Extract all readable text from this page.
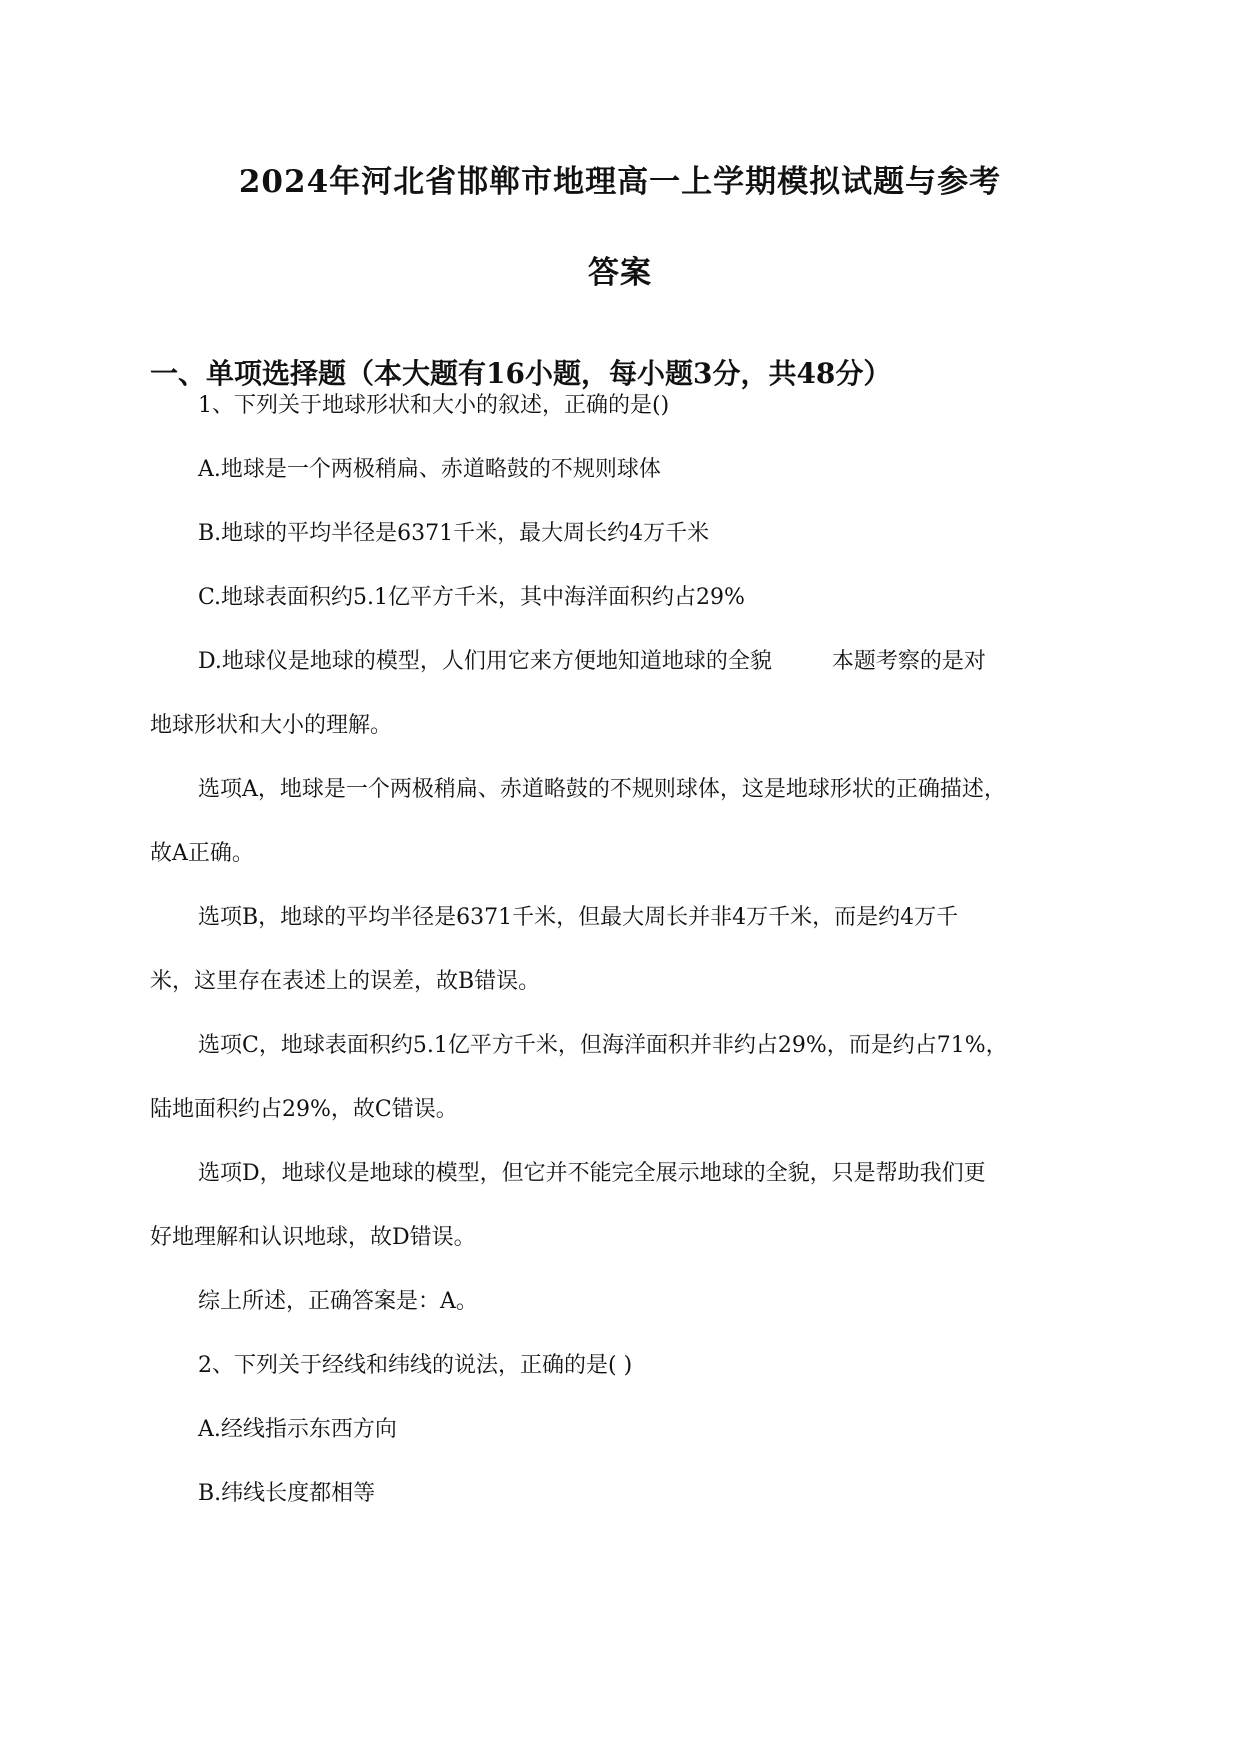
2024年河北省邯郸市地理高一上学期模拟试题与参考
答案
一、单项选择题（本大题有16小题，每小题3分，共48分）
1、下列关于地球形状和大小的叙述，正确的是()
A.地球是一个两极稍扁、赤道略鼓的不规则球体
B.地球的平均半径是6371千米，最大周长约4万千米
C.地球表面积约5.1亿平方千米，其中海洋面积约占29%
D.地球仪是地球的模型，人们用它来方便地知道地球的全貌	本题考察的是对
地球形状和大小的理解。
选项A，地球是一个两极稍扁、赤道略鼓的不规则球体，这是地球形状的正确描述，
故A正确。
选项B，地球的平均半径是6371千米，但最大周长并非4万千米，而是约4万千
米，这里存在表述上的误差，故B错误。
选项C，地球表面积约5.1亿平方千米，但海洋面积并非约占29%，而是约占71%，
陆地面积约占29%，故C错误。
选项D，地球仪是地球的模型，但它并不能完全展示地球的全貌，只是帮助我们更
好地理解和认识地球，故D错误。
综上所述，正确答案是：A。
2、下列关于经线和纬线的说法，正确的是( )
A.经线指示东西方向
B.纬线长度都相等
